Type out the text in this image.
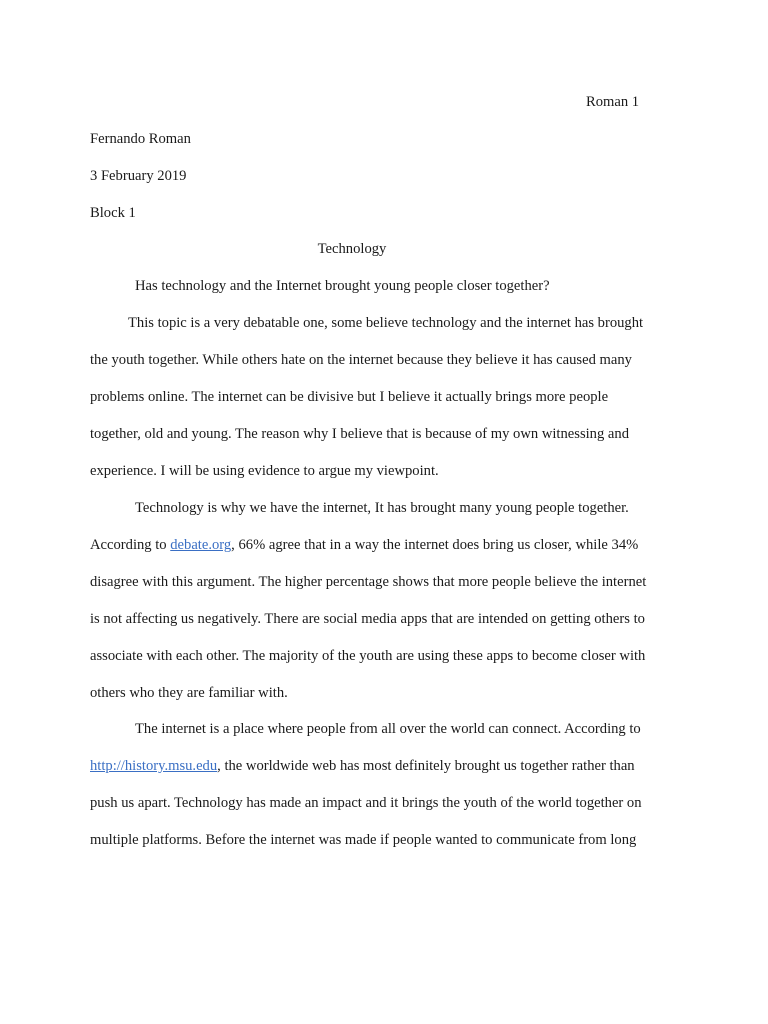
Roman 1
Fernando Roman
3 February 2019
Block 1
Technology
Has technology and the Internet brought young people closer together?
This topic is a very debatable one, some believe technology and the internet has brought
the youth together. While others hate on the internet because they believe it has caused many
problems online. The internet can be divisive but I believe it actually brings more people
together, old and young. The reason why I believe that is because of my own witnessing and
experience. I will be using evidence to argue my viewpoint.
Technology is why we have the internet, It has brought many young people together.
According to debate.org, 66% agree that in a way the internet does bring us closer, while 34%
disagree with this argument. The higher percentage shows that more people believe the internet
is not affecting us negatively. There are social media apps that are intended on getting others to
associate with each other. The majority of the youth are using these apps to become closer with
others who they are familiar with.
The internet is a place where people from all over the world can connect. According to
http://history.msu.edu, the worldwide web has most definitely brought us together rather than
push us apart. Technology has made an impact and it brings the youth of the world together on
multiple platforms. Before the internet was made if people wanted to communicate from long
